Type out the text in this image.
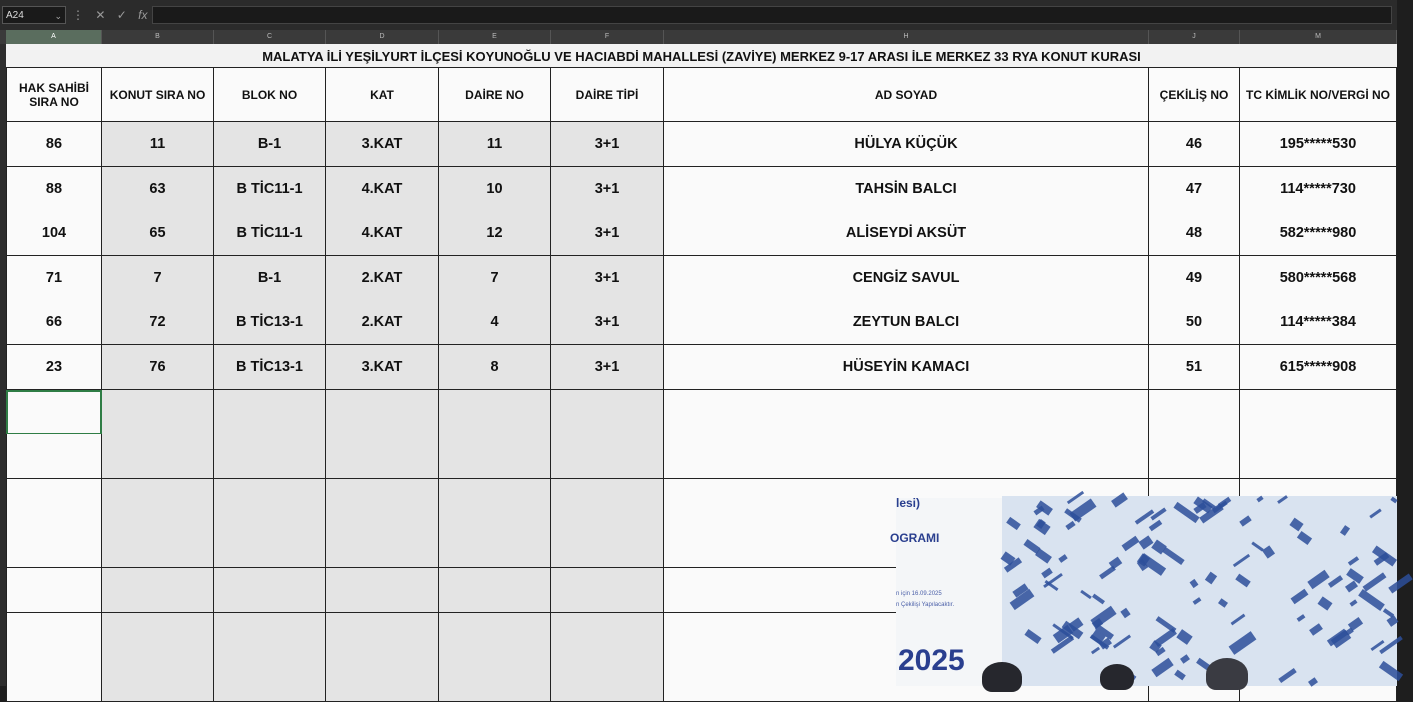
A24	⌄ ⋮ ✕ ✓ fx
A	B	C	D	E	F	H	J	M
MALATYA İLİ YEŞİLYURT İLÇESİ KOYUNOĞLU VE HACIABDİ MAHALLESİ (ZAVİYE) MERKEZ 9-17 ARASI İLE MERKEZ 33 RYA KONUT KURASI
HAK SAHİBİ SIRA NO	KONUT SIRA NO	BLOK NO	KAT	DAİRE NO	DAİRE TİPİ	AD SOYAD	ÇEKİLİŞ NO	TC KİMLİK NO/VERGİ NO
86	11	B-1	3.KAT	11	3+1	HÜLYA KÜÇÜK	46	195*****530
88	63	B TİC11-1	4.KAT	10	3+1	TAHSİN BALCI	47	114*****730
104	65	B TİC11-1	4.KAT	12	3+1	ALİSEYDİ AKSÜT	48	582*****980
71	7	B-1	2.KAT	7	3+1	CENGİZ SAVUL	49	580*****568
66	72	B TİC13-1	2.KAT	4	3+1	ZEYTUN BALCI	50	114*****384
23	76	B TİC13-1	3.KAT	8	3+1	HÜSEYİN KAMACI	51	615*****908
lesi)
OGRAMI
n için 16.09.2025
n Çekilişi Yapılacaktır.
2025
